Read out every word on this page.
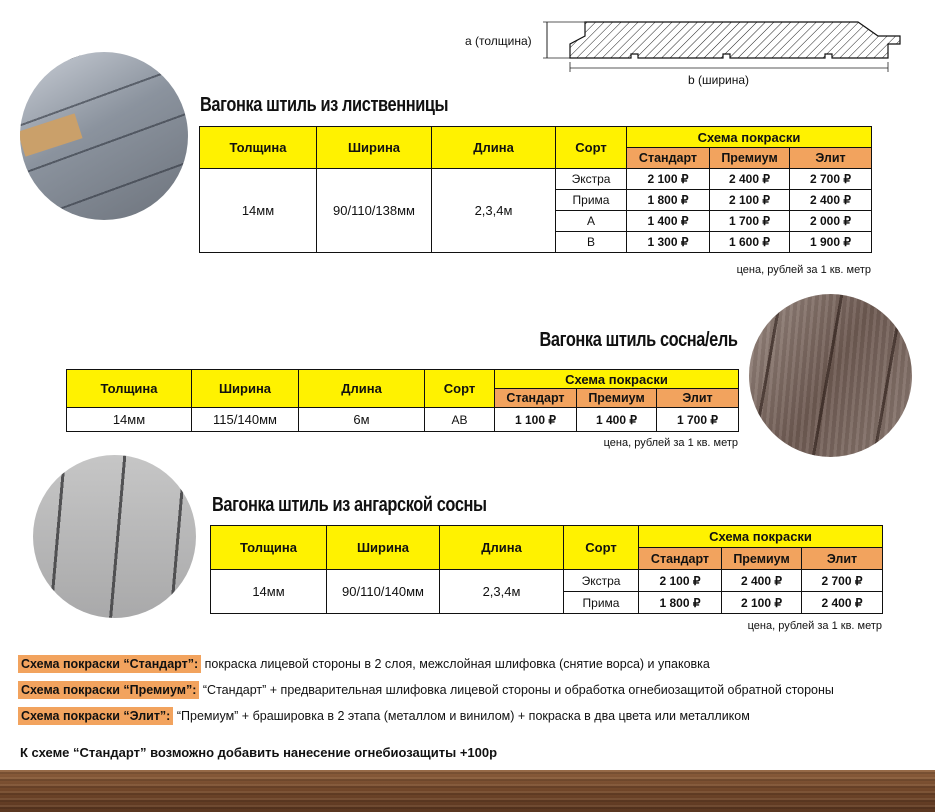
a (толщина)
b (ширина)
Вагонка штиль из лиственницы
Толщина	Ширина	Длина	Сорт	Схема покраски		
				Стандарт	Премиум	Элит
14мм	90/110/138мм	2,3,4м	Экстра	2 100 ₽	2 400 ₽	2 700 ₽
			Прима	1 800 ₽	2 100 ₽	2 400 ₽
			А	1 400 ₽	1 700 ₽	2 000 ₽
			В	1 300 ₽	1 600 ₽	1 900 ₽
цена, рублей за 1 кв. метр
Вагонка штиль сосна/ель
Толщина	Ширина	Длина	Сорт	Схема покраски		
				Стандарт	Премиум	Элит
14мм	115/140мм	6м	АВ	1 100 ₽	1 400 ₽	1 700 ₽
цена, рублей за 1 кв. метр
Вагонка штиль из ангарской сосны
Толщина	Ширина	Длина	Сорт	Схема покраски		
				Стандарт	Премиум	Элит
14мм	90/110/140мм	2,3,4м	Экстра	2 100 ₽	2 400 ₽	2 700 ₽
			Прима	1 800 ₽	2 100 ₽	2 400 ₽
цена, рублей за 1 кв. метр
Схема покраски “Стандарт”: покраска лицевой стороны в 2 слоя, межслойная шлифовка (снятие ворса) и упаковка
Схема покраски “Премиум”: “Стандарт” + предварительная шлифовка лицевой стороны и обработка огнебиозащитой обратной стороны
Схема покраски “Элит”: “Премиум” + брашировка в 2 этапа (металлом и винилом) + покраска в два цвета или металликом
К схеме “Стандарт” возможно добавить нанесение огнебиозащиты +100р
